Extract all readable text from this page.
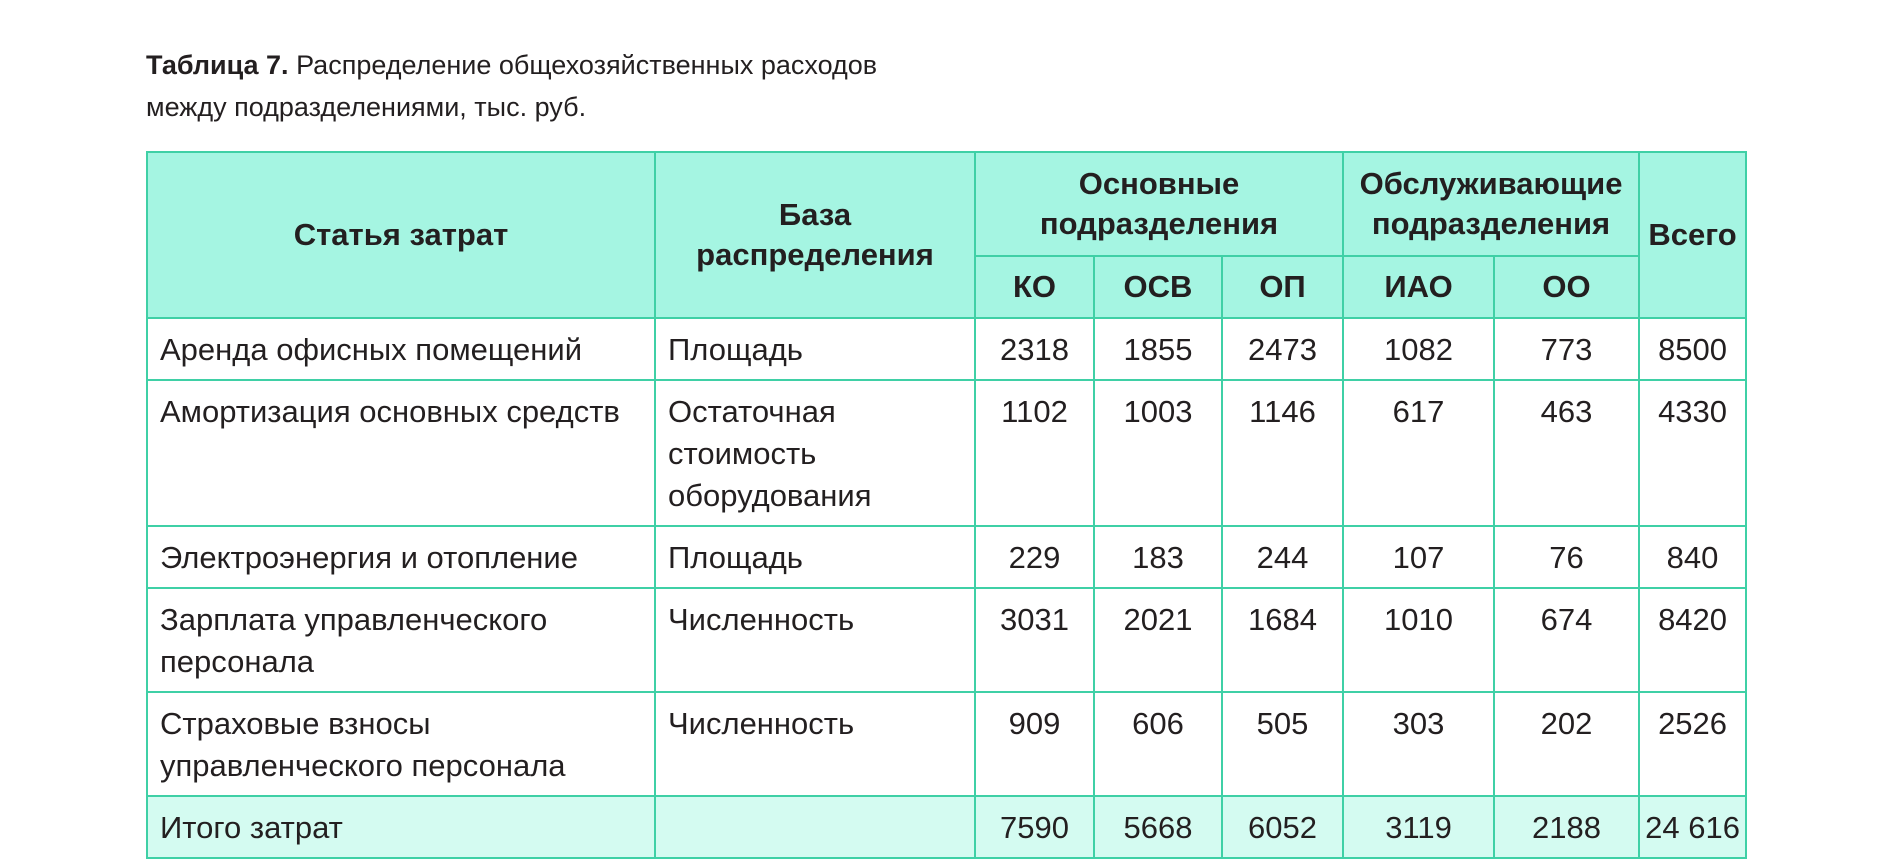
Таблица 7. Распределение общехозяйственных расходов
между подразделениями, тыс. руб.
Статья затрат	База распределения	Основные подразделения			Обслуживающие подразделения		Всего
		КО	ОСВ	ОП	ИАО	ОО	
Аренда офисных помещений	Площадь	2318	1855	2473	1082	773	8500
Амортизация основных средств	Остаточная стоимость оборудования	1102	1003	1146	617	463	4330
Электроэнергия и отопление	Площадь	229	183	244	107	76	840
Зарплата управленческого персонала	Численность	3031	2021	1684	1010	674	8420
Страховые взносы управленческого персонала	Численность	909	606	505	303	202	2526
Итого затрат		7590	5668	6052	3119	2188	24 616
